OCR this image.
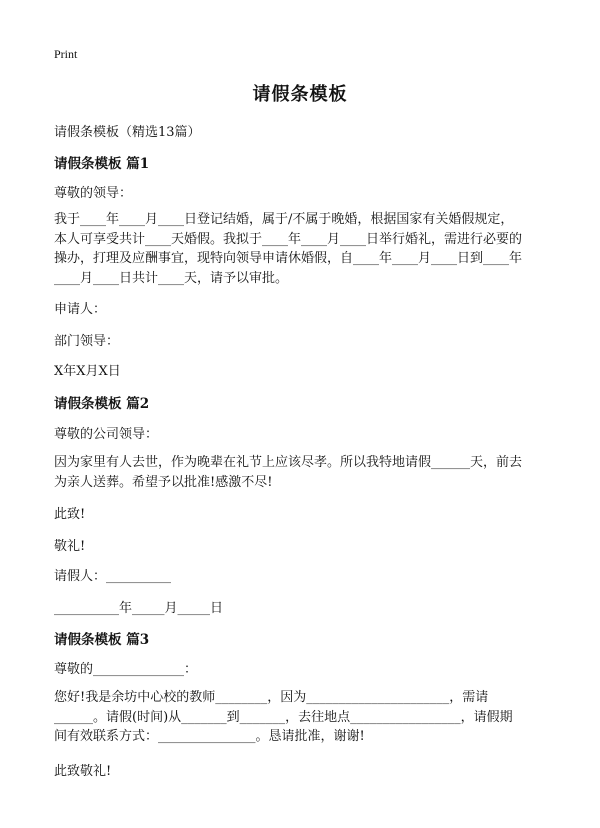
Print
请假条模板
请假条模板（精选13篇）
请假条模板 篇1
尊敬的领导：
我于____年____月____日登记结婚，属于/不属于晚婚，根据国家有关婚假规定，
本人可享受共计____天婚假。我拟于____年____月____日举行婚礼，需进行必要的
操办，打理及应酬事宜，现特向领导申请休婚假，自____年____月____日到____年
____月____日共计____天，请予以审批。
申请人：
部门领导：
X年X月X日
请假条模板 篇2
尊敬的公司领导：
因为家里有人去世，作为晚辈在礼节上应该尽孝。所以我特地请假______天，前去
为亲人送葬。希望予以批准!感激不尽!
此致!
敬礼!
请假人：__________
__________年_____月_____日
请假条模板 篇3
尊敬的______________：
您好!我是余坊中心校的教师________，因为______________________，需请
______。请假(时间)从_______到_______，去往地点_________________，请假期
间有效联系方式：_______________。恳请批准，谢谢!
此致敬礼!
